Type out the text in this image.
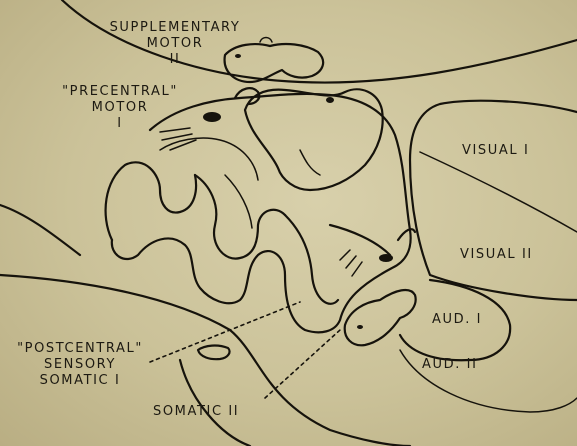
SUPPLEMENTARY
MOTOR
II
"PRECENTRAL"
MOTOR
I
VISUAL I
VISUAL II
AUD. I
AUD. II
"POSTCENTRAL"
SENSORY
SOMATIC I
SOMATIC II
